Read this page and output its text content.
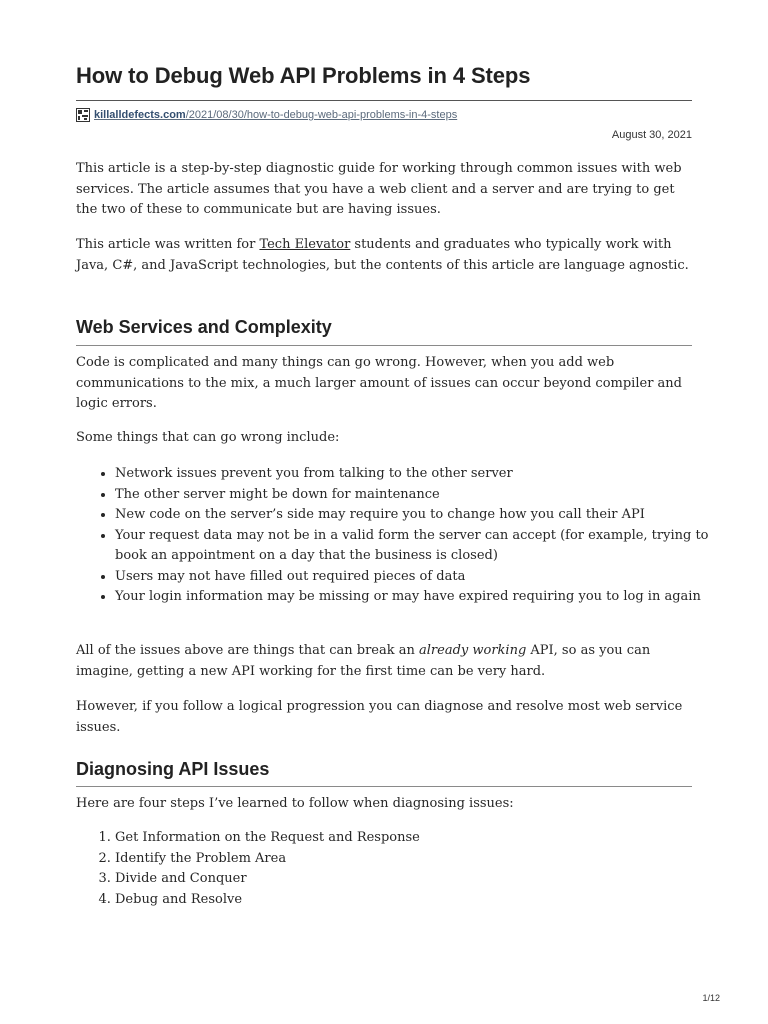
How to Debug Web API Problems in 4 Steps
killalldefects.com/2021/08/30/how-to-debug-web-api-problems-in-4-steps
August 30, 2021

This article is a step-by-step diagnostic guide for working through common issues with web services. The article assumes that you have a web client and a server and are trying to get the two of these to communicate but are having issues.

This article was written for Tech Elevator students and graduates who typically work with Java, C#, and JavaScript technologies, but the contents of this article are language agnostic.

Web Services and Complexity

Code is complicated and many things can go wrong. However, when you add web communications to the mix, a much larger amount of issues can occur beyond compiler and logic errors.

Some things that can go wrong include:

• Network issues prevent you from talking to the other server
• The other server might be down for maintenance
• New code on the server’s side may require you to change how you call their API
• Your request data may not be in a valid form the server can accept (for example, trying to book an appointment on a day that the business is closed)
• Users may not have filled out required pieces of data
• Your login information may be missing or may have expired requiring you to log in again

All of the issues above are things that can break an already working API, so as you can imagine, getting a new API working for the first time can be very hard.

However, if you follow a logical progression you can diagnose and resolve most web service issues.

Diagnosing API Issues

Here are four steps I’ve learned to follow when diagnosing issues:

1. Get Information on the Request and Response
2. Identify the Problem Area
3. Divide and Conquer
4. Debug and Resolve
1/12
